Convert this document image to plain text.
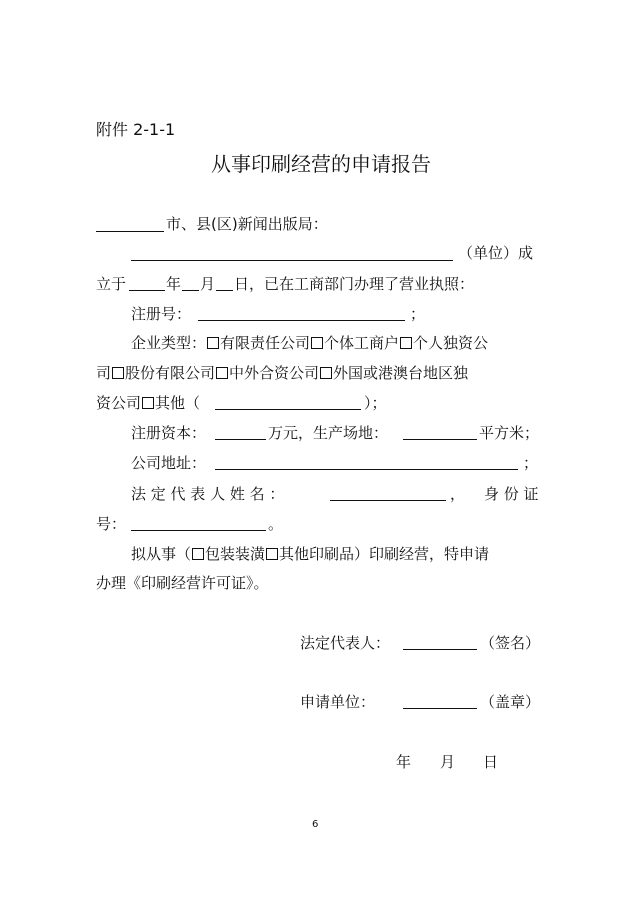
附件 2-1-1
从事印刷经营的申请报告
市、县(区)新闻出版局：
（单位）成
立于	年 月 日，已在工商部门办理了营业执照：
注册号：	；
企业类型： 有限责任公司 个体工商户 个人独资公
司 股份有限公司 中外合资公司 外国或港澳台地区独
资公司 其他（	）；
注册资本：	万元，生产场地：	平方米；
公司地址：	；
法 定 代 表 人 姓 名 ：	， 身 份 证
号：	。
拟从事（ 包装装潢 其他印刷品）印刷经营，特申请
办理《印刷经营许可证》。
法定代表人：	（签名）
申请单位：	（盖章）
年 月 日
6
